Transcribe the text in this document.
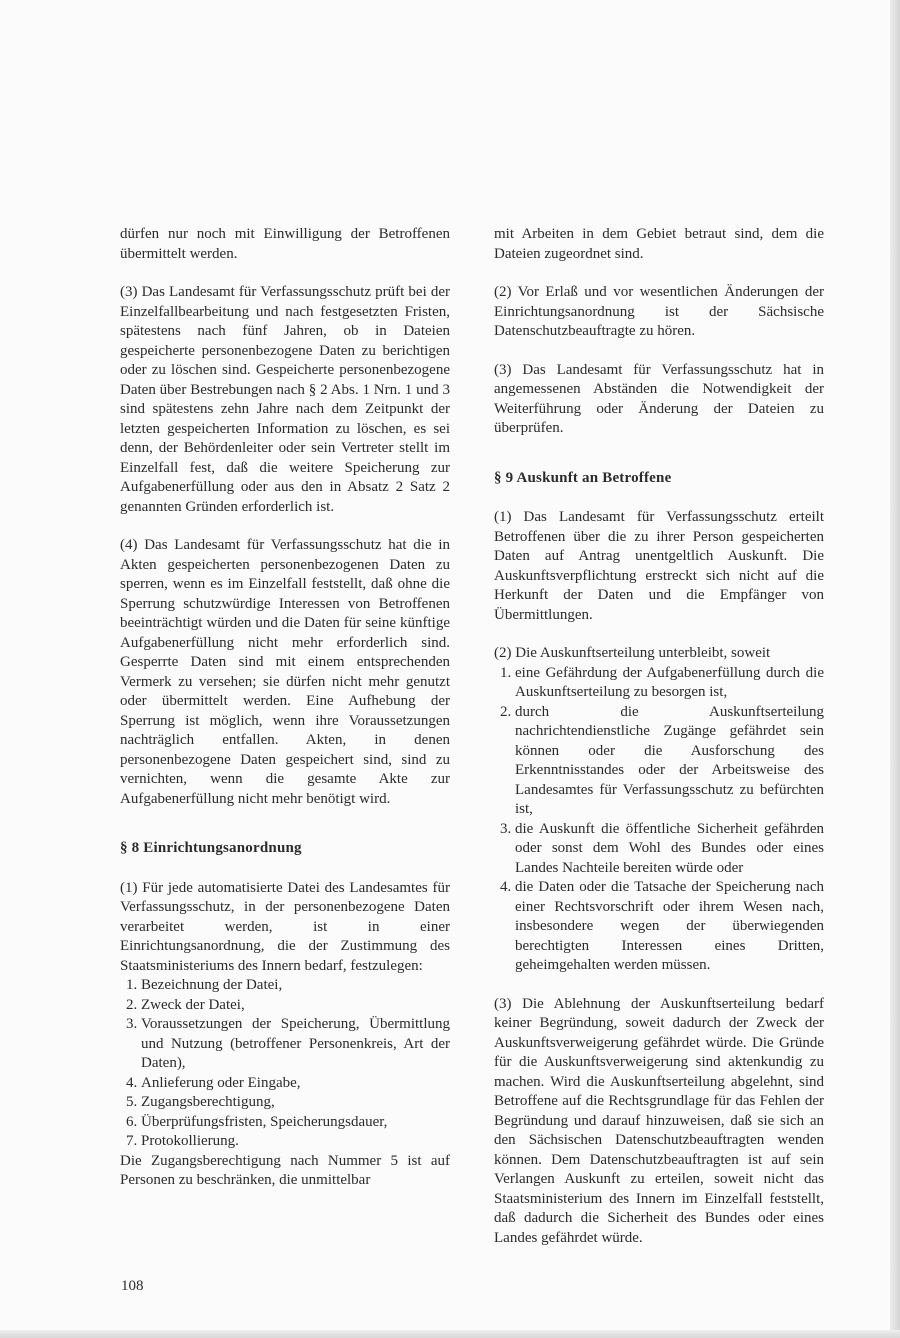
dürfen nur noch mit Einwilligung der Betroffenen übermittelt werden.

(3) Das Landesamt für Verfassungsschutz prüft bei der Einzelfallbearbeitung und nach festgesetzten Fristen, spätestens nach fünf Jahren, ob in Dateien gespeicherte personenbezogene Daten zu berichtigen oder zu löschen sind. Gespeicherte personenbezogene Daten über Bestrebungen nach § 2 Abs. 1 Nrn. 1 und 3 sind spätestens zehn Jahre nach dem Zeitpunkt der letzten gespeicherten Information zu löschen, es sei denn, der Behördenleiter oder sein Vertreter stellt im Einzelfall fest, daß die weitere Speicherung zur Aufgabenerfüllung oder aus den in Absatz 2 Satz 2 genannten Gründen erforderlich ist.

(4) Das Landesamt für Verfassungsschutz hat die in Akten gespeicherten personenbezogenen Daten zu sperren, wenn es im Einzelfall feststellt, daß ohne die Sperrung schutzwürdige Interessen von Betroffenen beeinträchtigt würden und die Daten für seine künftige Aufgabenerfüllung nicht mehr erforderlich sind. Gesperrte Daten sind mit einem entsprechenden Vermerk zu versehen; sie dürfen nicht mehr genutzt oder übermittelt werden. Eine Aufhebung der Sperrung ist möglich, wenn ihre Voraussetzungen nachträglich entfallen. Akten, in denen personenbezogene Daten gespeichert sind, sind zu vernichten, wenn die gesamte Akte zur Aufgabenerfüllung nicht mehr benötigt wird.

§ 8 Einrichtungsanordnung

(1) Für jede automatisierte Datei des Landesamtes für Verfassungsschutz, in der personenbezogene Daten verarbeitet werden, ist in einer Einrichtungsanordnung, die der Zustimmung des Staatsministeriums des Innern bedarf, festzulegen:

1. Bezeichnung der Datei,
2. Zweck der Datei,
3. Voraussetzungen der Speicherung, Übermittlung und Nutzung (betroffener Personenkreis, Art der Daten),
4. Anlieferung oder Eingabe,
5. Zugangsberechtigung,
6. Überprüfungsfristen, Speicherungsdauer,
7. Protokollierung.

Die Zugangsberechtigung nach Nummer 5 ist auf Personen zu beschränken, die unmittelbar

mit Arbeiten in dem Gebiet betraut sind, dem die Dateien zugeordnet sind.

(2) Vor Erlaß und vor wesentlichen Änderungen der Einrichtungsanordnung ist der Sächsische Datenschutzbeauftragte zu hören.

(3) Das Landesamt für Verfassungsschutz hat in angemessenen Abständen die Notwendigkeit der Weiterführung oder Änderung der Dateien zu überprüfen.

§ 9 Auskunft an Betroffene

(1) Das Landesamt für Verfassungsschutz erteilt Betroffenen über die zu ihrer Person gespeicherten Daten auf Antrag unentgeltlich Auskunft. Die Auskunftsverpflichtung erstreckt sich nicht auf die Herkunft der Daten und die Empfänger von Übermittlungen.

(2) Die Auskunftserteilung unterbleibt, soweit

1. eine Gefährdung der Aufgabenerfüllung durch die Auskunftserteilung zu besorgen ist,
2. durch die Auskunftserteilung nachrichtendienstliche Zugänge gefährdet sein können oder die Ausforschung des Erkenntnisstandes oder der Arbeitsweise des Landesamtes für Verfassungsschutz zu befürchten ist,
3. die Auskunft die öffentliche Sicherheit gefährden oder sonst dem Wohl des Bundes oder eines Landes Nachteile bereiten würde oder
4. die Daten oder die Tatsache der Speicherung nach einer Rechtsvorschrift oder ihrem Wesen nach, insbesondere wegen der überwiegenden berechtigten Interessen eines Dritten, geheimgehalten werden müssen.

(3) Die Ablehnung der Auskunftserteilung bedarf keiner Begründung, soweit dadurch der Zweck der Auskunftsverweigerung gefährdet würde. Die Gründe für die Auskunftsverweigerung sind aktenkundig zu machen. Wird die Auskunftserteilung abgelehnt, sind Betroffene auf die Rechtsgrundlage für das Fehlen der Begründung und darauf hinzuweisen, daß sie sich an den Sächsischen Datenschutzbeauftragten wenden können. Dem Datenschutzbeauftragten ist auf sein Verlangen Auskunft zu erteilen, soweit nicht das Staatsministerium des Innern im Einzelfall feststellt, daß dadurch die Sicherheit des Bundes oder eines Landes gefährdet würde.

108
